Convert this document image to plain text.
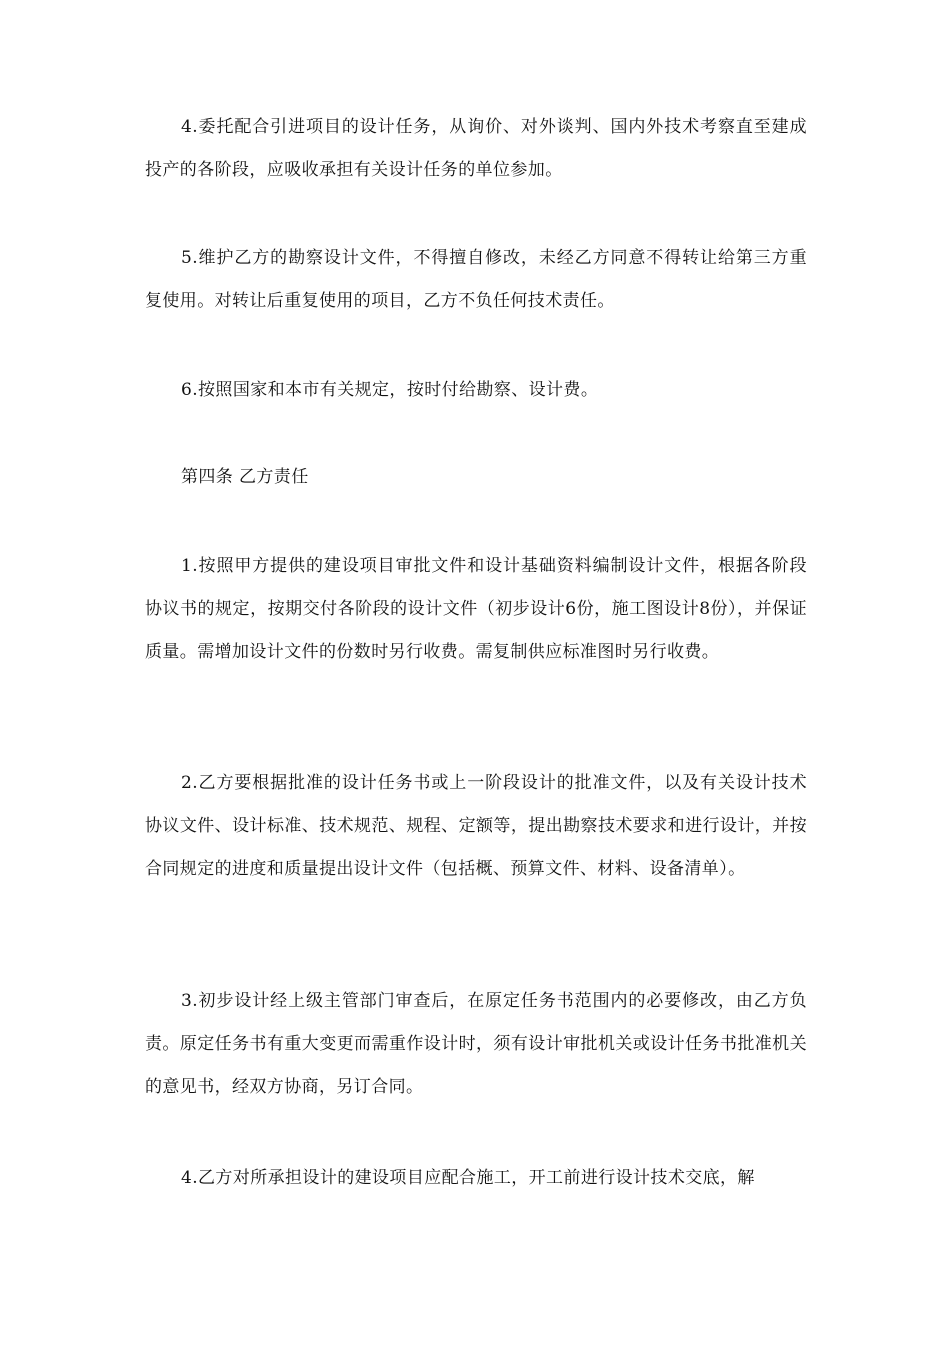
4.委托配合引进项目的设计任务，从询价、对外谈判、国内外技术考察直至建成投产的各阶段，应吸收承担有关设计任务的单位参加。

5.维护乙方的勘察设计文件，不得擅自修改，未经乙方同意不得转让给第三方重复使用。对转让后重复使用的项目，乙方不负任何技术责任。

6.按照国家和本市有关规定，按时付给勘察、设计费。

第四条 乙方责任

1.按照甲方提供的建设项目审批文件和设计基础资料编制设计文件，根据各阶段协议书的规定，按期交付各阶段的设计文件（初步设计6份，施工图设计8份），并保证质量。需增加设计文件的份数时另行收费。需复制供应标准图时另行收费。

2.乙方要根据批准的设计任务书或上一阶段设计的批准文件，以及有关设计技术协议文件、设计标准、技术规范、规程、定额等，提出勘察技术要求和进行设计，并按合同规定的进度和质量提出设计文件（包括概、预算文件、材料、设备清单）。

3.初步设计经上级主管部门审查后，在原定任务书范围内的必要修改，由乙方负责。原定任务书有重大变更而需重作设计时，须有设计审批机关或设计任务书批准机关的意见书，经双方协商，另订合同。

4.乙方对所承担设计的建设项目应配合施工，开工前进行设计技术交底，解
